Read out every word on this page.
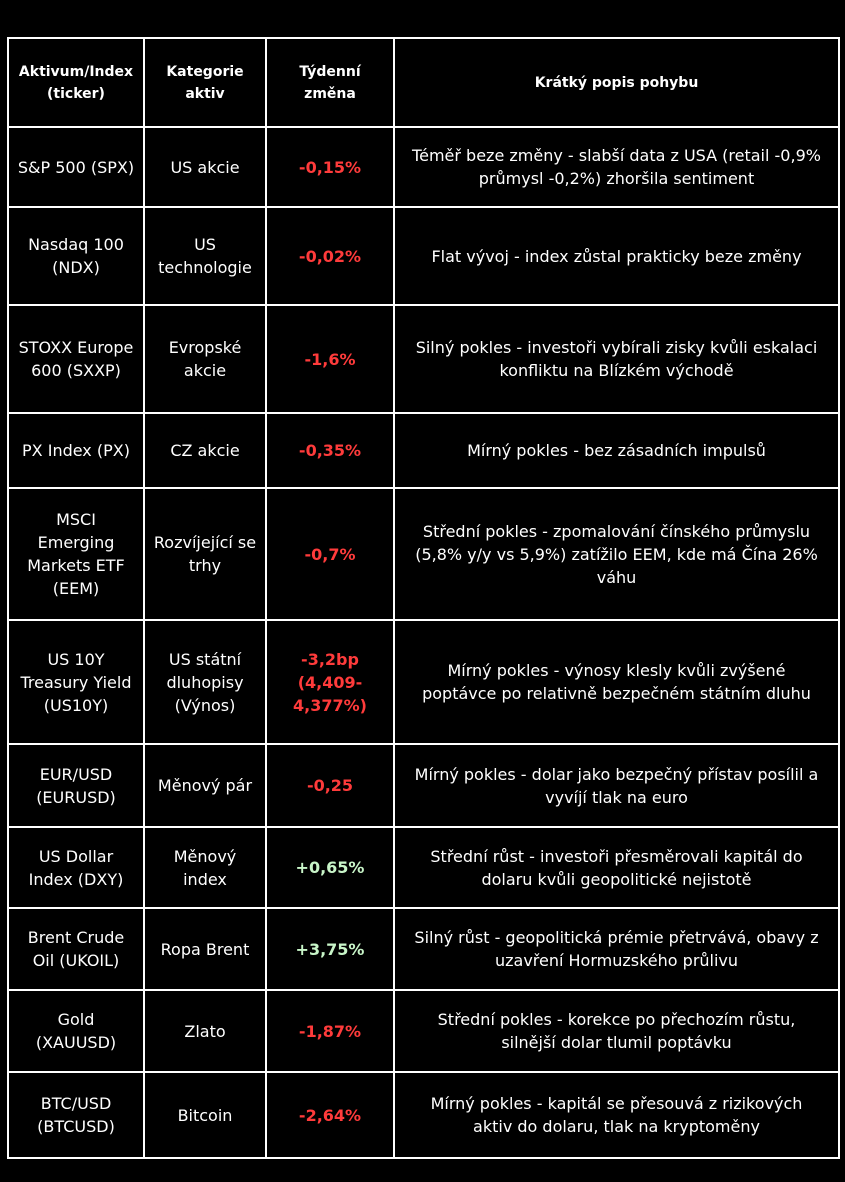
Aktivum/Index (ticker)	Kategorie aktiv	Týdenní změna	Krátký popis pohybu
S&P 500 (SPX)	US akcie	-0,15%	Téměř beze změny - slabší data z USA (retail -0,9% průmysl -0,2%) zhoršila sentiment
Nasdaq 100 (NDX)	US technologie	-0,02%	Flat vývoj - index zůstal prakticky beze změny
STOXX Europe 600 (SXXP)	Evropské akcie	-1,6%	Silný pokles - investoři vybírali zisky kvůli eskalaci konfliktu na Blízkém východě
PX Index (PX)	CZ akcie	-0,35%	Mírný pokles - bez zásadních impulsů
MSCI Emerging Markets ETF (EEM)	Rozvíjející se trhy	-0,7%	Střední pokles - zpomalování čínského průmyslu (5,8% y/y vs 5,9%) zatížilo EEM, kde má Čína 26% váhu
US 10Y Treasury Yield (US10Y)	US státní dluhopisy (Výnos)	-3,2bp (4,409-4,377%)	Mírný pokles - výnosy klesly kvůli zvýšené poptávce po relativně bezpečném státním dluhu
EUR/USD (EURUSD)	Měnový pár	-0,25	Mírný pokles - dolar jako bezpečný přístav posílil a vyvíjí tlak na euro
US Dollar Index (DXY)	Měnový index	+0,65%	Střední růst - investoři přesměrovali kapitál do dolaru kvůli geopolitické nejistotě
Brent Crude Oil (UKOIL)	Ropa Brent	+3,75%	Silný růst - geopolitická prémie přetrvává, obavy z uzavření Hormuzského průlivu
Gold (XAUUSD)	Zlato	-1,87%	Střední pokles - korekce po přechozím růstu, silnější dolar tlumil poptávku
BTC/USD (BTCUSD)	Bitcoin	-2,64%	Mírný pokles - kapitál se přesouvá z rizikových aktiv do dolaru, tlak na kryptoměny
